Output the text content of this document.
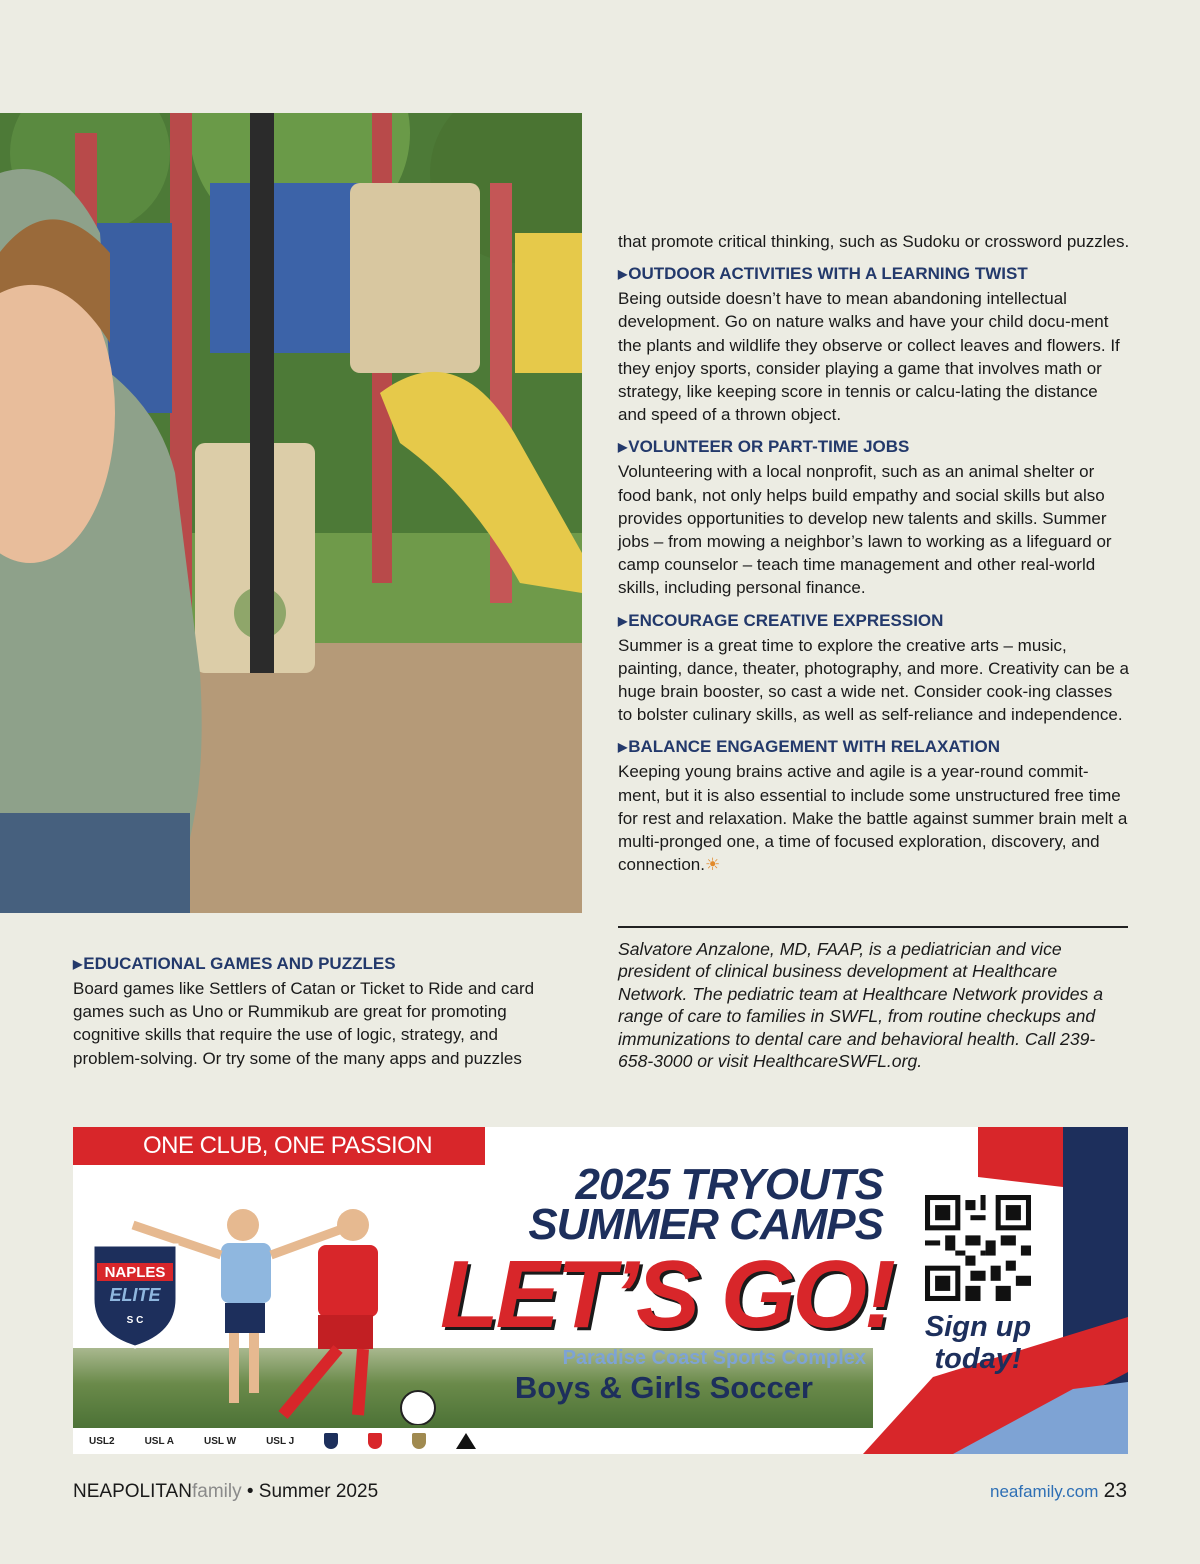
that promote critical thinking, such as Sudoku or crossword puzzles.

▶OUTDOOR ACTIVITIES WITH A LEARNING TWIST

Being outside doesn’t have to mean abandoning intellectual development. Go on nature walks and have your child docu-ment the plants and wildlife they observe or collect leaves and flowers. If they enjoy sports, consider playing a game that involves math or strategy, like keeping score in tennis or calcu-lating the distance and speed of a thrown object.

▶VOLUNTEER OR PART-TIME JOBS

Volunteering with a local nonprofit, such as an animal shelter or food bank, not only helps build empathy and social skills but also provides opportunities to develop new talents and skills. Summer jobs – from mowing a neighbor’s lawn to working as a lifeguard or camp counselor – teach time management and other real-world skills, including personal finance.

▶ENCOURAGE CREATIVE EXPRESSION

Summer is a great time to explore the creative arts – music, painting, dance, theater, photography, and more. Creativity can be a huge brain booster, so cast a wide net. Consider cook-ing classes to bolster culinary skills, as well as self-reliance and independence.

▶BALANCE ENGAGEMENT WITH RELAXATION

Keeping young brains active and agile is a year-round commit-ment, but it is also essential to include some unstructured free time for rest and relaxation. Make the battle against summer brain melt a multi-pronged one, a time of focused exploration, discovery, and connection.☀

Salvatore Anzalone, MD, FAAP, is a pediatrician and vice president of clinical business development at Healthcare Network. The pediatric team at Healthcare Network provides a range of care to families in SWFL, from routine checkups and immunizations to dental care and behavioral health. Call 239-658-3000 or visit HealthcareSWFL.org.

▶EDUCATIONAL GAMES AND PUZZLES

Board games like Settlers of Catan or Ticket to Ride and card games such as Uno or Rummikub are great for promoting cognitive skills that require the use of logic, strategy, and problem-solving. Or try some of the many apps and puzzles

ONE CLUB, ONE PASSION
NAPLES
ELITE
S C
2025 TRYOUTS
SUMMER CAMPS
LET’S GO!
Paradise Coast Sports Complex
Boys & Girls Soccer
Sign up
today!
USL2	USL A	USL W	USL J
NEAPOLITANfamily • Summer 2025	neafamily.com 23
